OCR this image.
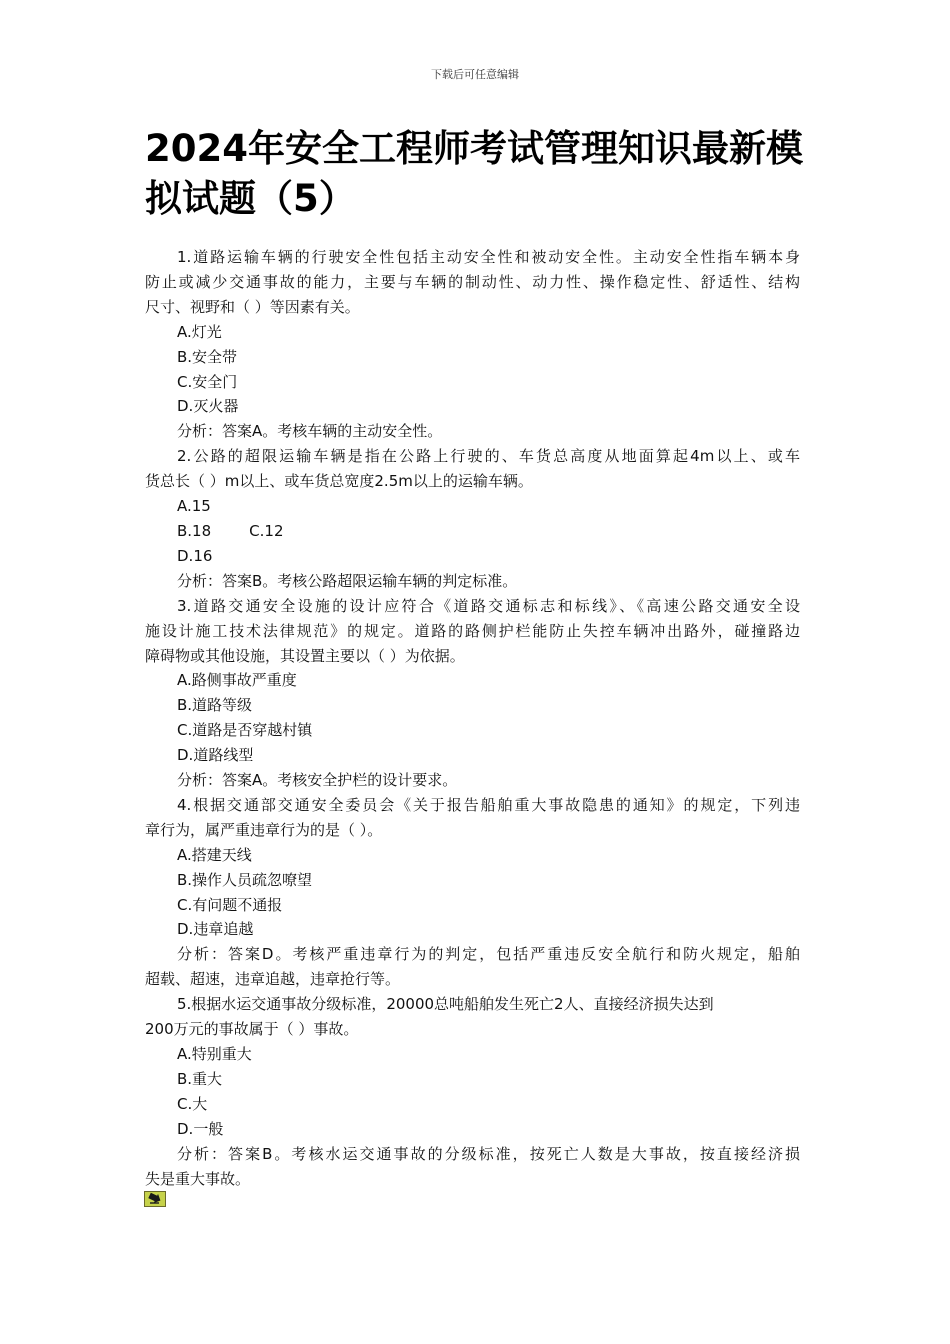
下载后可任意编辑
2024年安全工程师考试管理知识最新模拟试题（5）
1.道路运输车辆的行驶安全性包括主动安全性和被动安全性。主动安全性指车辆本身
防止或减少交通事故的能力，主要与车辆的制动性、动力性、操作稳定性、舒适性、结构
尺寸、视野和（ ）等因素有关。
A.灯光
B.安全带
C.安全门
D.灭火器
分析：答案A。考核车辆的主动安全性。
2.公路的超限运输车辆是指在公路上行驶的、车货总高度从地面算起4m以上、或车
货总长（ ）m以上、或车货总宽度2.5m以上的运输车辆。
A.15
B.18	C.12
D.16
分析：答案B。考核公路超限运输车辆的判定标准。
3.道路交通安全设施的设计应符合《道路交通标志和标线》、《高速公路交通安全设
施设计施工技术法律规范》的规定。道路的路侧护栏能防止失控车辆冲出路外，碰撞路边
障碍物或其他设施，其设置主要以（ ）为依据。
A.路侧事故严重度
B.道路等级
C.道路是否穿越村镇
D.道路线型
分析：答案A。考核安全护栏的设计要求。
4.根据交通部交通安全委员会《关于报告船舶重大事故隐患的通知》的规定，下列违
章行为，属严重违章行为的是（ ）。
A.搭建天线
B.操作人员疏忽嘹望
C.有问题不通报
D.违章追越
分析：答案D。考核严重违章行为的判定，包括严重违反安全航行和防火规定，船舶
超载、超速，违章追越，违章抢行等。
5.根据水运交通事故分级标准，20000总吨船舶发生死亡2人、直接经济损失达到
200万元的事故属于（ ）事故。
A.特别重大
B.重大
C.大
D.一般
分析：答案B。考核水运交通事故的分级标准，按死亡人数是大事故，按直接经济损
失是重大事故。
